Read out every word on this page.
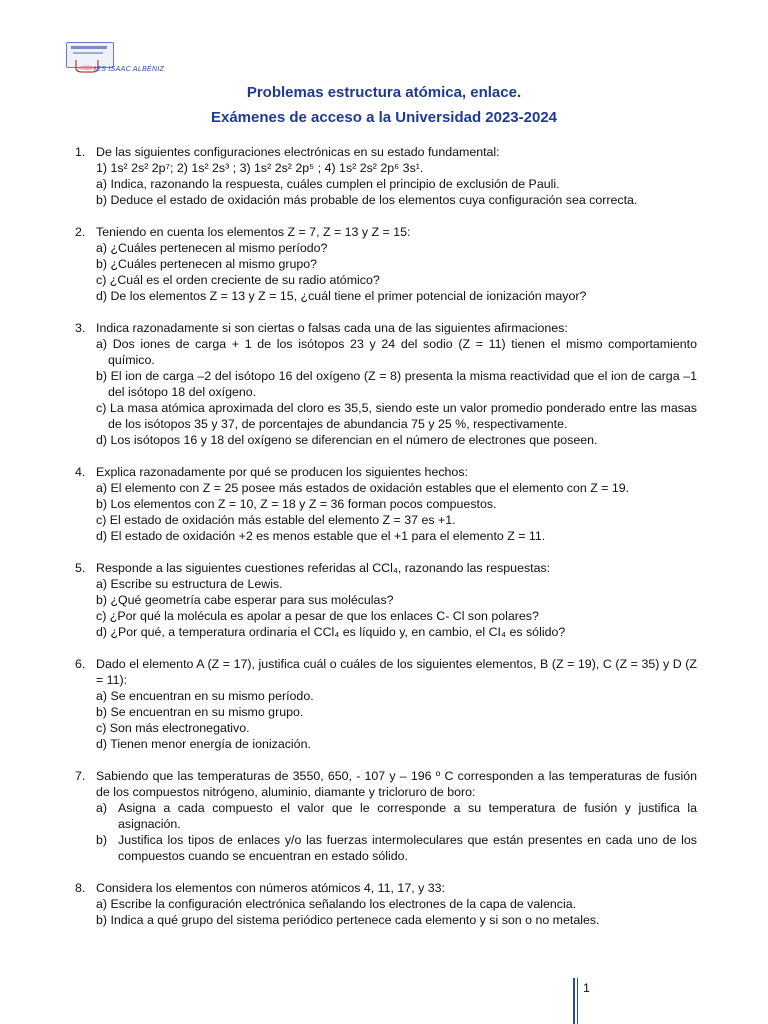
IES ISAAC ALBÉNIZ
Problemas estructura atómica, enlace.
Exámenes de acceso a la Universidad 2023-2024
1. De las siguientes configuraciones electrónicas en su estado fundamental:
1) 1s² 2s² 2p⁷; 2) 1s² 2s³ ; 3) 1s² 2s² 2p⁵ ; 4) 1s² 2s² 2p⁶ 3s¹.
a) Indica, razonando la respuesta, cuáles cumplen el principio de exclusión de Pauli.
b) Deduce el estado de oxidación más probable de los elementos cuya configuración sea correcta.
2. Teniendo en cuenta los elementos Z = 7, Z = 13 y Z = 15:
a) ¿Cuáles pertenecen al mismo período?
b) ¿Cuáles pertenecen al mismo grupo?
c) ¿Cuál es el orden creciente de su radio atómico?
d) De los elementos Z = 13 y Z = 15, ¿cuál tiene el primer potencial de ionización mayor?
3. Indica razonadamente si son ciertas o falsas cada una de las siguientes afirmaciones:
a) Dos iones de carga + 1 de los isótopos 23 y 24 del sodio (Z = 11) tienen el mismo comportamiento químico.
b) El ion de carga –2 del isótopo 16 del oxígeno (Z = 8) presenta la misma reactividad que el ion de carga –1 del isótopo 18 del oxígeno.
c) La masa atómica aproximada del cloro es 35,5, siendo este un valor promedio ponderado entre las masas de los isótopos 35 y 37, de porcentajes de abundancia 75 y 25 %, respectivamente.
d) Los isótopos 16 y 18 del oxígeno se diferencian en el número de electrones que poseen.
4. Explica razonadamente por qué se producen los siguientes hechos:
a) El elemento con Z = 25 posee más estados de oxidación estables que el elemento con Z = 19.
b) Los elementos con Z = 10, Z = 18 y Z = 36 forman pocos compuestos.
c) El estado de oxidación más estable del elemento Z = 37 es +1.
d) El estado de oxidación +2 es menos estable que el +1 para el elemento Z = 11.
5. Responde a las siguientes cuestiones referidas al CCl₄, razonando las respuestas:
a) Escribe su estructura de Lewis.
b) ¿Qué geometría cabe esperar para sus moléculas?
c) ¿Por qué la molécula es apolar a pesar de que los enlaces C- Cl son polares?
d) ¿Por qué, a temperatura ordinaria el CCl₄ es líquido y, en cambio, el CI₄ es sólido?
6. Dado el elemento A (Z = 17), justifica cuál o cuáles de los siguientes elementos, B (Z = 19), C (Z = 35) y D (Z = 11):
a) Se encuentran en su mismo período.
b) Se encuentran en su mismo grupo.
c) Son más electronegativo.
d) Tienen menor energía de ionización.
7. Sabiendo que las temperaturas de 3550, 650, - 107 y – 196 º C corresponden a las temperaturas de fusión de los compuestos nitrógeno, aluminio, diamante y tricloruro de boro:
a) Asigna a cada compuesto el valor que le corresponde a su temperatura de fusión y justifica la asignación.
b) Justifica los tipos de enlaces y/o las fuerzas intermoleculares que están presentes en cada uno de los compuestos cuando se encuentran en estado sólido.
8. Considera los elementos con números atómicos 4, 11, 17, y 33:
a) Escribe la configuración electrónica señalando los electrones de la capa de valencia.
b) Indica a qué grupo del sistema periódico pertenece cada elemento y si son o no metales.
1
